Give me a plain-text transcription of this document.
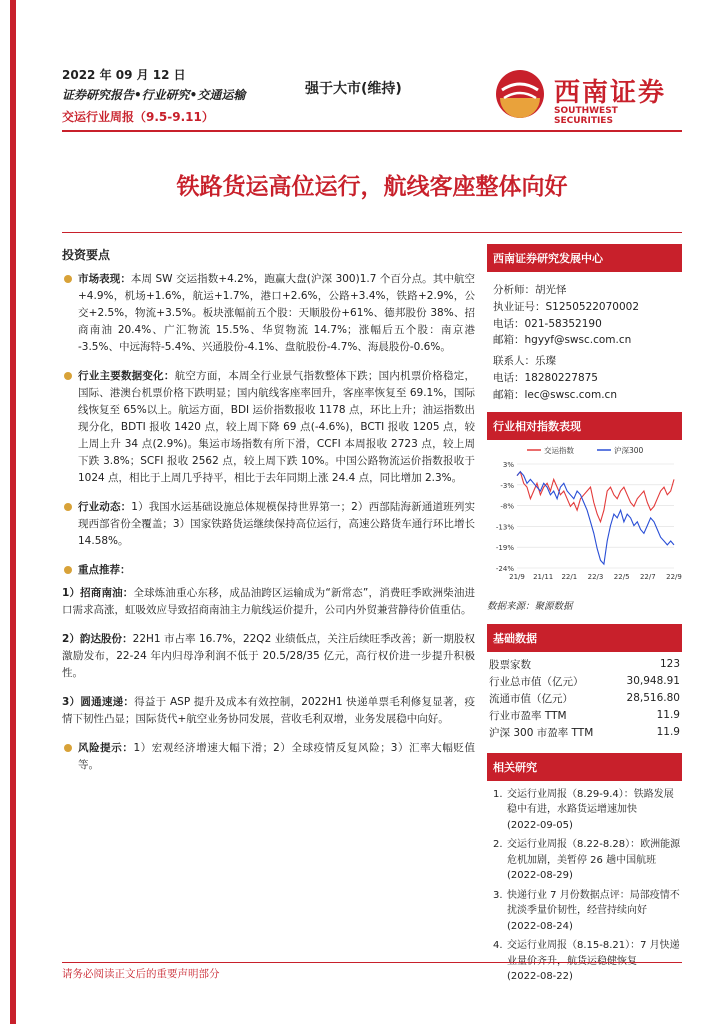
2022 年 09 月 12 日
证券研究报告•行业研究•交通运输
交运行业周报（9.5-9.11）
强于大市(维持)	西南证券
SOUTHWEST SECURITIES
铁路货运高位运行，航线客座整体向好
投资要点
市场表现：本周 SW 交运指数+4.2%，跑赢大盘(沪深 300)1.7 个百分点。其中航空+4.9%，机场+1.6%，航运+1.7%，港口+2.6%，公路+3.4%，铁路+2.9%，公交+2.5%，物流+3.5%。板块涨幅前五个股：天顺股份+61%、德邦股份 38%、招商南油 20.4%、广汇物流 15.5%、华贸物流 14.7%；涨幅后五个股：南京港 -3.5%、中远海特-5.4%、兴通股份-4.1%、盘航股份-4.7%、海晨股份-0.6%。
行业主要数据变化：航空方面，本周全行业景气指数整体下跌；国内机票价格稳定，国际、港澳台机票价格下跌明显；国内航线客座率回升，客座率恢复至 69.1%，国际线恢复至 65%以上。航运方面，BDI 运价指数报收 1178 点，环比上升；油运指数出现分化，BDTI 报收 1420 点，较上周下降 69 点(-4.6%)，BCTI 报收 1205 点，较上周上升 34 点(2.9%)。集运市场指数有所下滑，CCFI 本周报收 2723 点，较上周下跌 3.8%；SCFI 报收 2562 点，较上周下跌 10%。中国公路物流运价指数报收于 1024 点，相比于上周几乎持平，相比于去年同期上涨 24.4 点，同比增加 2.3%。
行业动态：1）我国水运基础设施总体规模保持世界第一；2）西部陆海新通道班列实现西部省份全覆盖；3）国家铁路货运继续保持高位运行，高速公路货车通行环比增长 14.58%。
重点推荐：
1）招商南油：全球炼油重心东移，成品油跨区运输成为“新常态”，消费旺季欧洲柴油进口需求高涨，虹吸效应导致招商南油主力航线运价提升，公司内外贸兼营静待价值重估。
2）韵达股份：22H1 市占率 16.7%，22Q2 业绩低点，关注后续旺季改善；新一期股权激励发布，22-24 年内归母净利润不低于 20.5/28/35 亿元，高行权价进一步提升积极性。
3）圆通速递：得益于 ASP 提升及成本有效控制，2022H1 快递单票毛利修复显著，疫情下韧性凸显；国际货代+航空业务协同发展，营收毛利双增，业务发展稳中向好。
风险提示：1）宏观经济增速大幅下滑；2）全球疫情反复风险；3）汇率大幅贬值等。
西南证券研究发展中心
分析师：胡光怿
执业证号：S1250522070002
电话：021-58352190
邮箱：hgyyf@swsc.com.cn
联系人：乐璨
电话：18280227875
邮箱：lec@swsc.com.cn
行业相对指数表现
3%
-3%
-8%
-13%
-19%
-24%
21/9 21/11 22/1 22/3 22/5 22/7 22/9
交运指数	沪深300
数据来源：聚源数据
基础数据
股票家数	123
行业总市值（亿元）	30,948.91
流通市值（亿元）	28,516.80
行业市盈率 TTM	11.9
沪深 300 市盈率 TTM	11.9
相关研究
1. 交运行业周报（8.29-9.4）：铁路发展稳中有进，水路货运增速加快
(2022-09-05)
2. 交运行业周报（8.22-8.28）：欧洲能源危机加剧，美暂停 26 趟中国航班
(2022-08-29)
3. 快递行业 7 月份数据点评：局部疫情不扰淡季量价韧性，经营持续向好
(2022-08-24)
4. 交运行业周报（8.15-8.21）：7 月快递
(2022-08-22)
请务必阅读正文后的重要声明部分
